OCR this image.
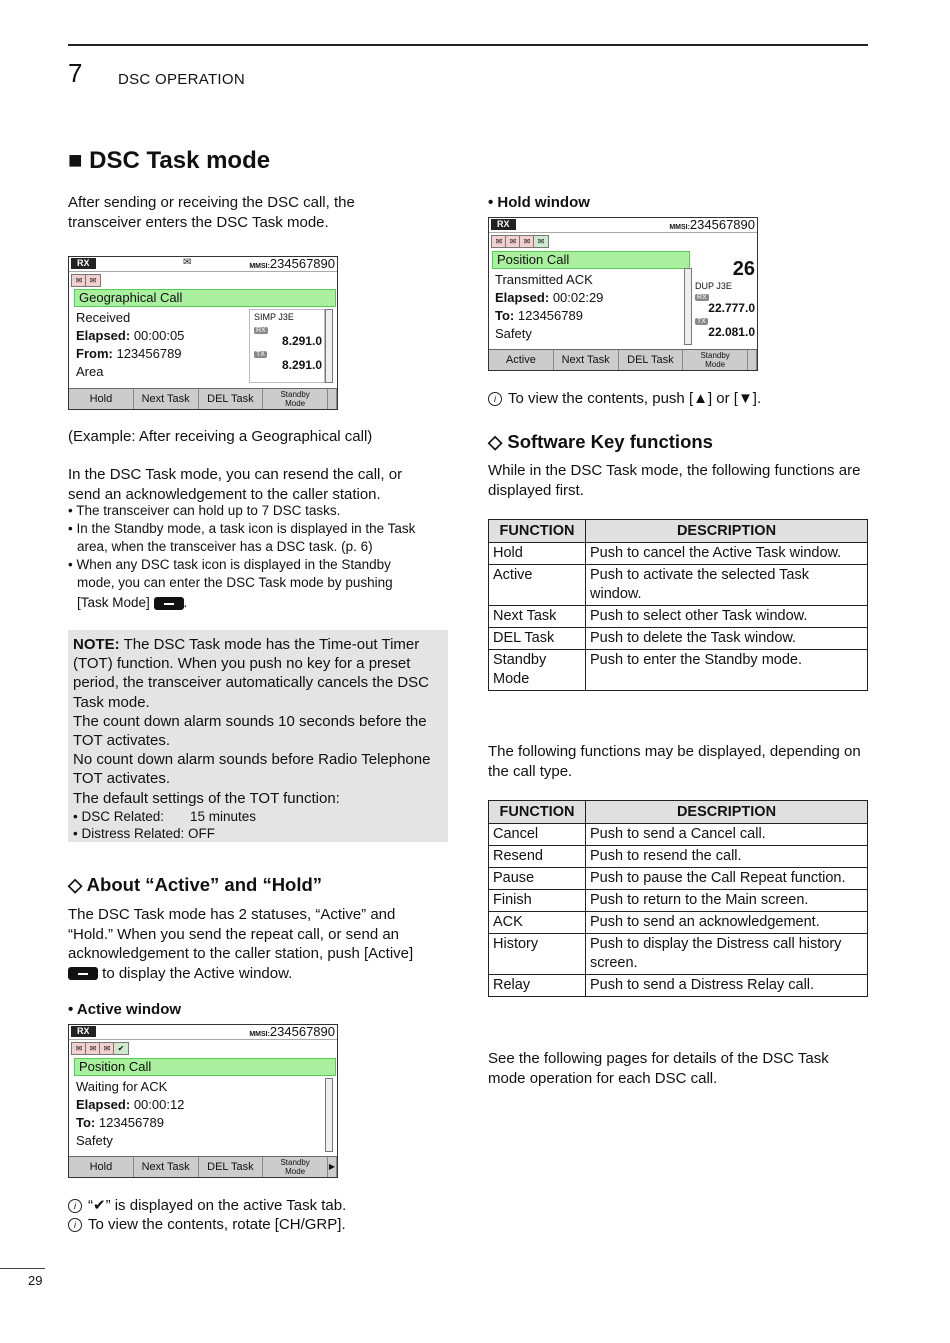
7 DSC OPERATION
■ DSC Task mode
After sending or receiving the DSC call, the transceiver enters the DSC Task mode.
RX	✉	MMSI:234567890
✉ ✉
Geographical Call
Received
Elapsed: 00:00:05
From: 123456789
Area
SIMP J3E
RX
8.291.0
TX
8.291.0
Hold	Next Task	DEL Task	Standby
Mode
(Example: After receiving a Geographical call)
In the DSC Task mode, you can resend the call, or send an acknowledgement to the caller station.
• The transceiver can hold up to 7 DSC tasks.
• In the Standby mode, a task icon is displayed in the Task
area, when the transceiver has a DSC task. (p. 6)
• When any DSC task icon is displayed in the Standby
mode, you can enter the DSC Task mode by pushing
[Task Mode]	.
NOTE: The DSC Task mode has the Time-out Timer (TOT) function. When you push no key for a preset period, the transceiver automatically cancels the DSC Task mode.
The count down alarm sounds 10 seconds before the TOT activates.
No count down alarm sounds before Radio Telephone TOT activates.
The default settings of the TOT function:
• DSC Related: 15 minutes
• Distress Related: OFF
◇ About “Active” and “Hold”
The DSC Task mode has 2 statuses, “Active” and “Hold.” When you send the repeat call, or send an acknowledgement to the caller station, push [Active]  to display the Active window.
• Active window
RX	MMSI:234567890
✉ ✉ ✉ ✔
Position Call
Waiting for ACK
Elapsed: 00:00:12
To: 123456789
Safety
Hold	Next Task	DEL Task	Standby
Mode
▶
i “✔” is displayed on the active Task tab.
i To view the contents, rotate [CH/GRP].
• Hold window
RX	MMSI:234567890
✉ ✉ ✉ ✉
Position Call
Transmitted ACK
Elapsed: 00:02:29
To: 123456789
Safety
26
DUP J3E
RX
22.777.0
TX
22.081.0
Active	Next Task	DEL Task	Standby
Mode
i To view the contents, push [▲] or [▼].
◇ Software Key functions
While in the DSC Task mode, the following functions are displayed first.
FUNCTION	DESCRIPTION
Hold	Push to cancel the Active Task window.
Active	Push to activate the selected Task window.
Next Task	Push to select other Task window.
DEL Task	Push to delete the Task window.
Standby Mode	Push to enter the Standby mode.
The following functions may be displayed, depending on the call type.
FUNCTION	DESCRIPTION
Cancel	Push to send a Cancel call.
Resend	Push to resend the call.
Pause	Push to pause the Call Repeat function.
Finish	Push to return to the Main screen.
ACK	Push to send an acknowledgement.
History	Push to display the Distress call history screen.
Relay	Push to send a Distress Relay call.
See the following pages for details of the DSC Task mode operation for each DSC call.
29
